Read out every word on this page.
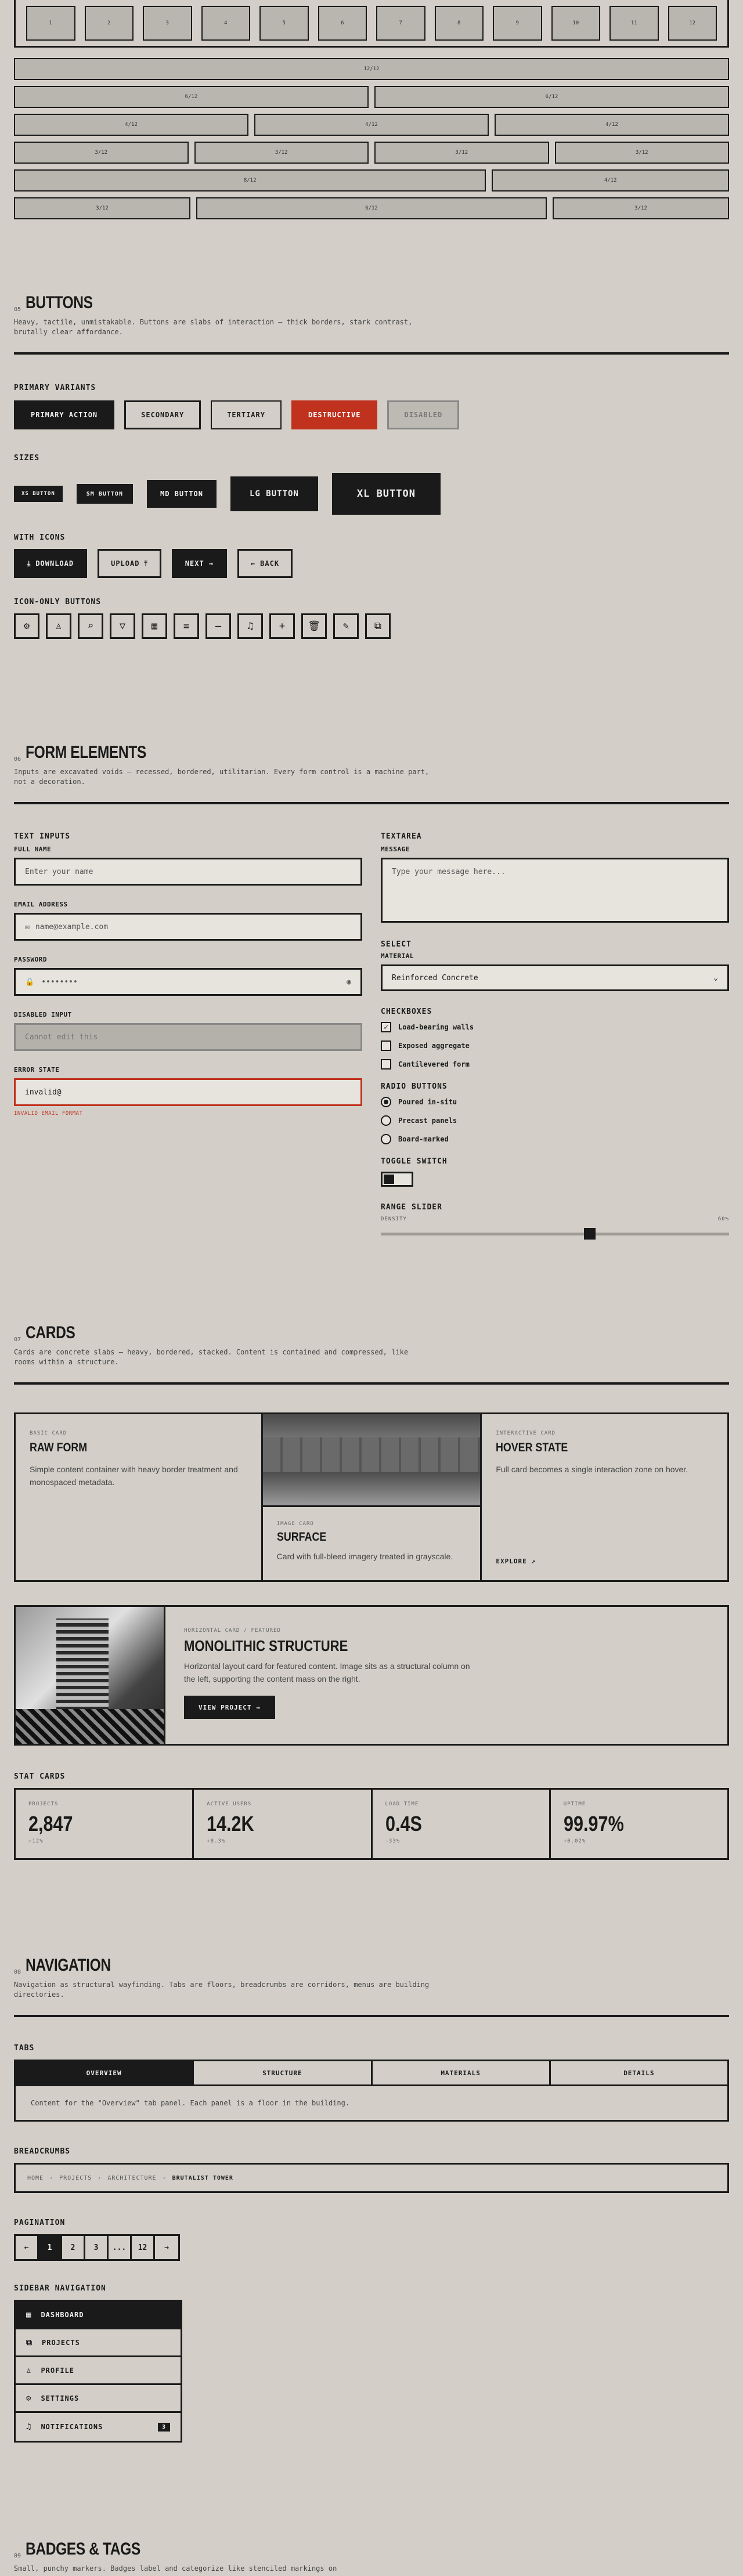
1	2	3	4	5	6	7	8	9	10	11	12
12/12
6/12	6/12
4/12	4/12	4/12
3/12	3/12	3/12	3/12
8/12	4/12
3/12	6/12	3/12
05 BUTTONS
Heavy, tactile, unmistakable. Buttons are slabs of interaction — thick borders, stark contrast, brutally clear affordance.
PRIMARY VARIANTS
PRIMARY ACTION	SECONDARY	TERTIARY	DESTRUCTIVE	DISABLED
SIZES
XS BUTTON	SM BUTTON	MD BUTTON	LG BUTTON	XL BUTTON
WITH ICONS
⤓ DOWNLOAD	UPLOAD ⤒	NEXT →	← BACK
ICON-ONLY BUTTONS
⚙	♙	⌕	▽	▦	≡	—	♫	+ 🗑 ✎	⧉
06 FORM ELEMENTS
Inputs are excavated voids — recessed, bordered, utilitarian. Every form control is a machine part, not a decoration.
TEXT INPUTS
FULL NAME
Enter your name
EMAIL ADDRESS
✉ name@example.com
PASSWORD
🔒 ••••••••	◉
DISABLED INPUT
Cannot edit this
ERROR STATE
invalid@
INVALID EMAIL FORMAT
TEXTAREA
MESSAGE
Type your message here...
SELECT
MATERIAL
Reinforced Concrete	⌄
CHECKBOXES
✓	Load-bearing walls
Exposed aggregate
Cantilevered form
RADIO BUTTONS
Poured in-situ
Precast panels
Board-marked
TOGGLE SWITCH
RANGE SLIDER
DENSITY	60%
07 CARDS
Cards are concrete slabs — heavy, bordered, stacked. Content is contained and compressed, like rooms within a structure.
BASIC CARD
RAW FORM
Simple content container with heavy border treatment and monospaced metadata.
IMAGE CARD
SURFACE
Card with full-bleed imagery treated in grayscale.
INTERACTIVE CARD
HOVER STATE
Full card becomes a single interaction zone on hover.
EXPLORE ↗
HORIZONTAL CARD / FEATURED
MONOLITHIC STRUCTURE
Horizontal layout card for featured content. Image sits as a structural column on the left, supporting the content mass on the right.
VIEW PROJECT →
STAT CARDS
PROJECTS
2,847
+12%
ACTIVE USERS
14.2K
+8.3%
LOAD TIME
0.4S
-33%
UPTIME
99.97%
+0.02%
08 NAVIGATION
Navigation as structural wayfinding. Tabs are floors, breadcrumbs are corridors, menus are building directories.
TABS
OVERVIEW	STRUCTURE	MATERIALS	DETAILS
Content for the "Overview" tab panel. Each panel is a floor in the building.
BREADCRUMBS
HOME › PROJECTS › ARCHITECTURE › BRUTALIST TOWER
PAGINATION
←	1	2	3	...	12	→
SIDEBAR NAVIGATION
▦ DASHBOARD
⧉ PROJECTS
♙ PROFILE
⚙ SETTINGS
♫ NOTIFICATIONS	3
09 BADGES & TAGS
Small, punchy markers. Badges label and categorize like stenciled markings on
